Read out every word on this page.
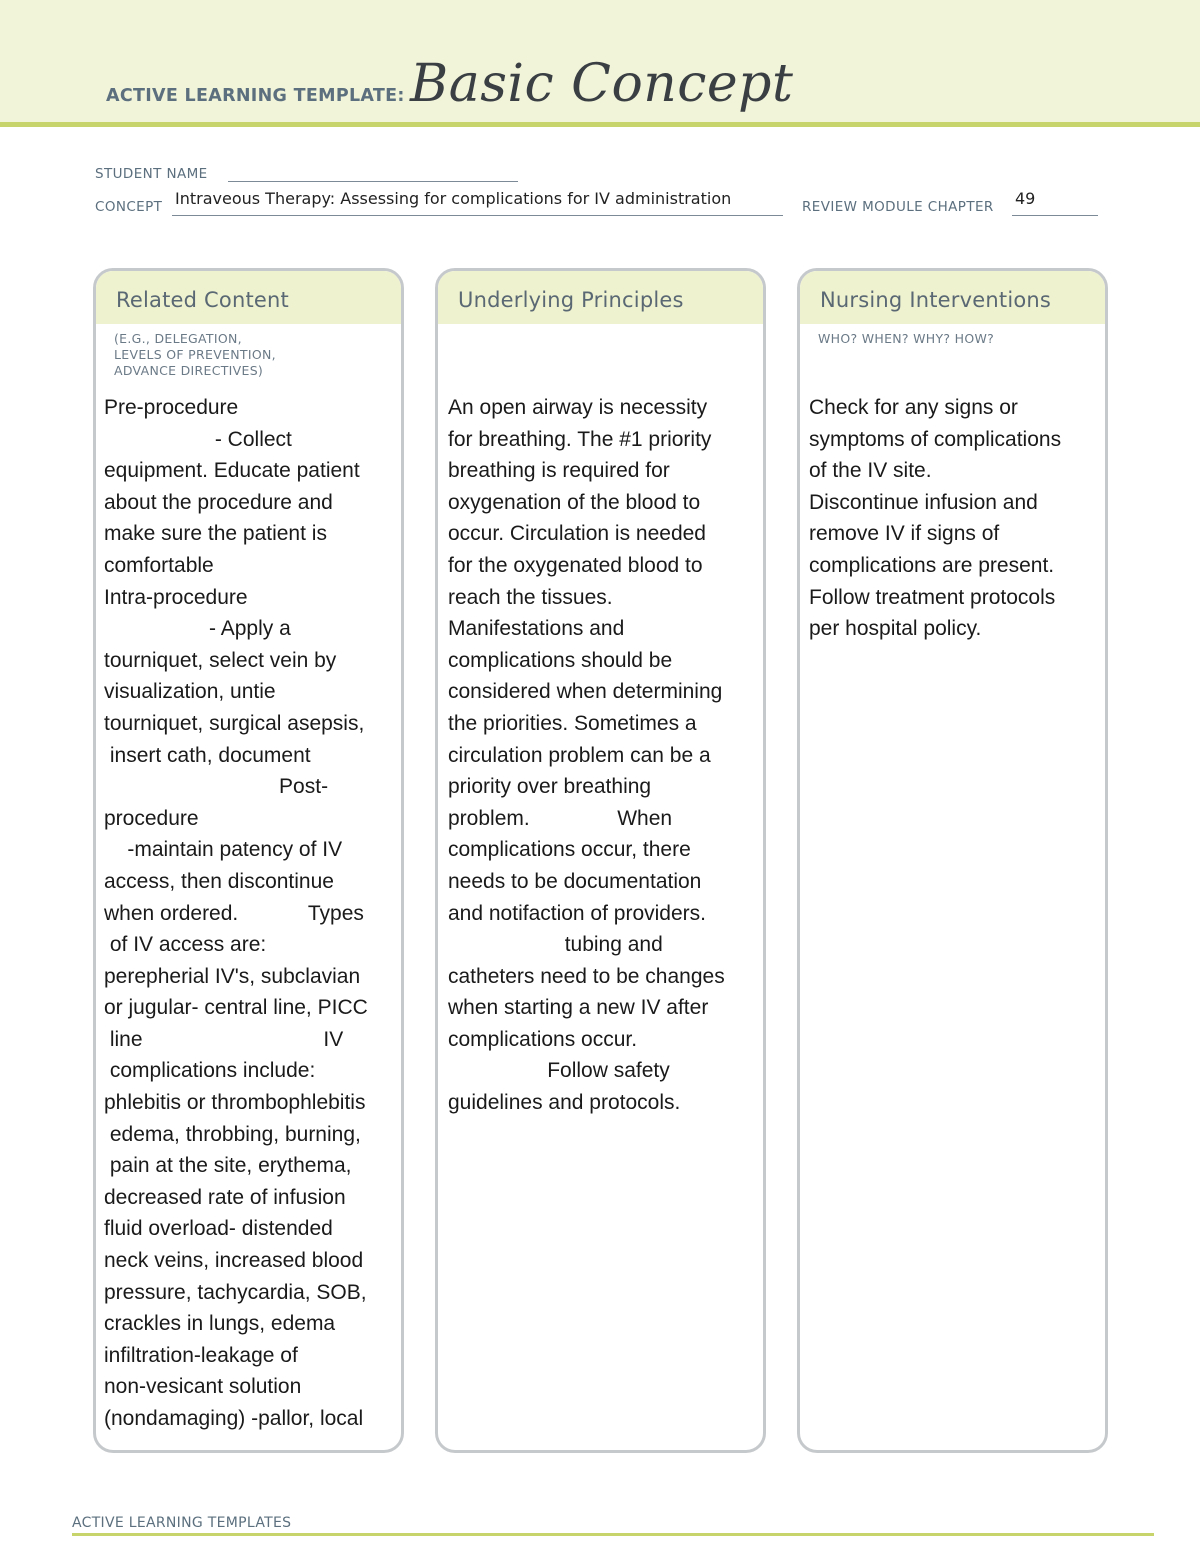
ACTIVE LEARNING TEMPLATE: Basic Concept
STUDENT NAME
CONCEPT Intraveous Therapy: Assessing for complications for IV administration	REVIEW MODULE CHAPTER 49
Related Content
(E.G., DELEGATION,
LEVELS OF PREVENTION,
ADVANCE DIRECTIVES)
Pre-procedure
- Collect
equipment. Educate patient
about the procedure and
make sure the patient is
comfortable
Intra-procedure
- Apply a
tourniquet, select vein by
visualization, untie
tourniquet, surgical asepsis,
insert cath, document
Post-
procedure
-maintain patency of IV
access, then discontinue
when ordered.            Types
of IV access are:
perepherial IV's, subclavian
or jugular- central line, PICC
line                               IV
complications include:
phlebitis or thrombophlebitis
edema, throbbing, burning,
pain at the site, erythema,
decreased rate of infusion
fluid overload- distended
neck veins, increased blood
pressure, tachycardia, SOB,
crackles in lungs, edema
infiltration-leakage of
non-vesicant solution
(nondamaging) -pallor, local
Underlying Principles
An open airway is necessity
for breathing. The #1 priority
breathing is required for
oxygenation of the blood to
occur. Circulation is needed
for the oxygenated blood to
reach the tissues.
Manifestations and
complications should be
considered when determining
the priorities. Sometimes a
circulation problem can be a
priority over breathing
problem.               When
complications occur, there
needs to be documentation
and notifaction of providers.
tubing and
catheters need to be changes
when starting a new IV after
complications occur.
Follow safety
guidelines and protocols.
Nursing Interventions
WHO? WHEN? WHY? HOW?
Check for any signs or
symptoms of complications
of the IV site.
Discontinue infusion and
remove IV if signs of
complications are present.
Follow treatment protocols
per hospital policy.
ACTIVE LEARNING TEMPLATES
